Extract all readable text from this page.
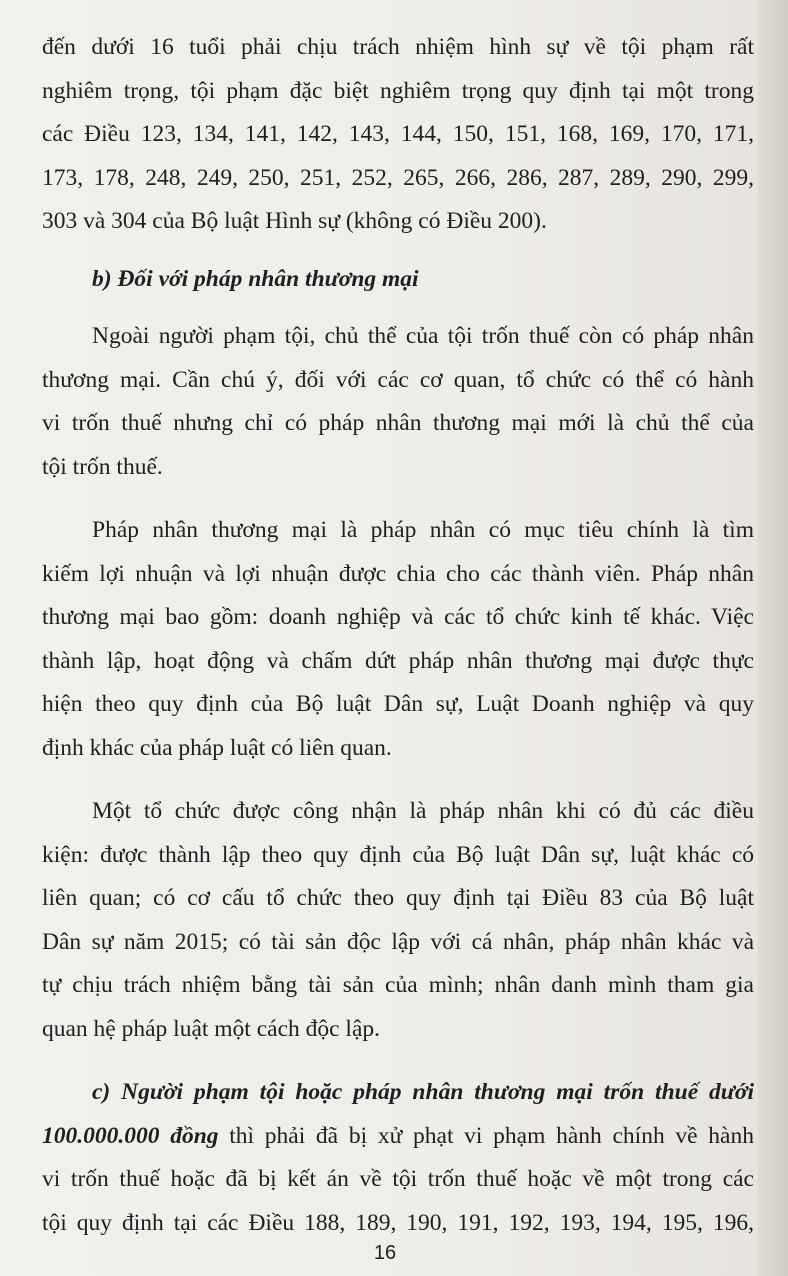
đến dưới 16 tuổi phải chịu trách nhiệm hình sự về tội phạm rất
nghiêm trọng, tội phạm đặc biệt nghiêm trọng quy định tại một trong
các Điều 123, 134, 141, 142, 143, 144, 150, 151, 168, 169, 170, 171,
173, 178, 248, 249, 250, 251, 252, 265, 266, 286, 287, 289, 290, 299,
303 và 304 của Bộ luật Hình sự (không có Điều 200).

b) Đối với pháp nhân thương mại

Ngoài người phạm tội, chủ thể của tội trốn thuế còn có pháp nhân
thương mại. Cần chú ý, đối với các cơ quan, tổ chức có thể có hành
vi trốn thuế nhưng chỉ có pháp nhân thương mại mới là chủ thể của
tội trốn thuế.

Pháp nhân thương mại là pháp nhân có mục tiêu chính là tìm
kiếm lợi nhuận và lợi nhuận được chia cho các thành viên. Pháp nhân
thương mại bao gồm: doanh nghiệp và các tổ chức kinh tế khác. Việc
thành lập, hoạt động và chấm dứt pháp nhân thương mại được thực
hiện theo quy định của Bộ luật Dân sự, Luật Doanh nghiệp và quy
định khác của pháp luật có liên quan.

Một tổ chức được công nhận là pháp nhân khi có đủ các điều
kiện: được thành lập theo quy định của Bộ luật Dân sự, luật khác có
liên quan; có cơ cấu tổ chức theo quy định tại Điều 83 của Bộ luật
Dân sự năm 2015; có tài sản độc lập với cá nhân, pháp nhân khác và
tự chịu trách nhiệm bằng tài sản của mình; nhân danh mình tham gia
quan hệ pháp luật một cách độc lập.

c) Người phạm tội hoặc pháp nhân thương mại trốn thuế dưới
100.000.000 đồng thì phải đã bị xử phạt vi phạm hành chính về hành
vi trốn thuế hoặc đã bị kết án về tội trốn thuế hoặc về một trong các
tội quy định tại các Điều 188, 189, 190, 191, 192, 193, 194, 195, 196,

16
